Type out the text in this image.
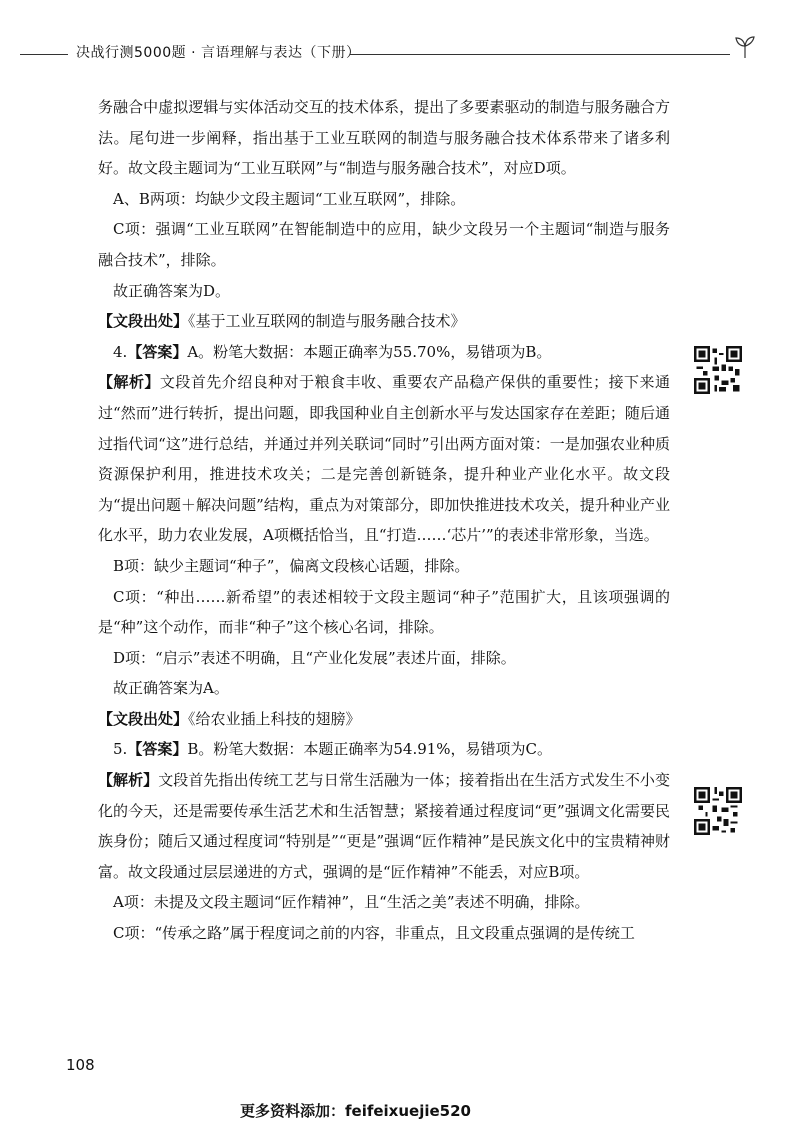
决战行测5000题 · 言语理解与表达（下册）

务融合中虚拟逻辑与实体活动交互的技术体系，提出了多要素驱动的制造与服务融合方法。尾句进一步阐释，指出基于工业互联网的制造与服务融合技术体系带来了诸多利好。故文段主题词为“工业互联网”与“制造与服务融合技术”，对应D项。

A、B两项：均缺少文段主题词“工业互联网”，排除。

C项：强调“工业互联网”在智能制造中的应用，缺少文段另一个主题词“制造与服务融合技术”，排除。

故正确答案为D。

【文段出处】《基于工业互联网的制造与服务融合技术》

4.【答案】A。粉笔大数据：本题正确率为55.70%，易错项为B。

【解析】文段首先介绍良种对于粮食丰收、重要农产品稳产保供的重要性；接下来通过“然而”进行转折，提出问题，即我国种业自主创新水平与发达国家存在差距；随后通过指代词“这”进行总结，并通过并列关联词“同时”引出两方面对策：一是加强农业种质资源保护利用，推进技术攻关；二是完善创新链条，提升种业产业化水平。故文段为“提出问题＋解决问题”结构，重点为对策部分，即加快推进技术攻关，提升种业产业化水平，助力农业发展，A项概括恰当，且“打造……‘芯片’”的表述非常形象，当选。

B项：缺少主题词“种子”，偏离文段核心话题，排除。

C项：“种出……新希望”的表述相较于文段主题词“种子”范围扩大，且该项强调的是“种”这个动作，而非“种子”这个核心名词，排除。

D项：“启示”表述不明确，且“产业化发展”表述片面，排除。

故正确答案为A。

【文段出处】《给农业插上科技的翅膀》

5.【答案】B。粉笔大数据：本题正确率为54.91%，易错项为C。

【解析】文段首先指出传统工艺与日常生活融为一体；接着指出在生活方式发生不小变化的今天，还是需要传承生活艺术和生活智慧；紧接着通过程度词“更”强调文化需要民族身份；随后又通过程度词“特别是”“更是”强调“匠作精神”是民族文化中的宝贵精神财富。故文段通过层层递进的方式，强调的是“匠作精神”不能丢，对应B项。

A项：未提及文段主题词“匠作精神”，且“生活之美”表述不明确，排除。

C项：“传承之路”属于程度词之前的内容，非重点，且文段重点强调的是传统工

108
更多资料添加：feifeixuejie520
